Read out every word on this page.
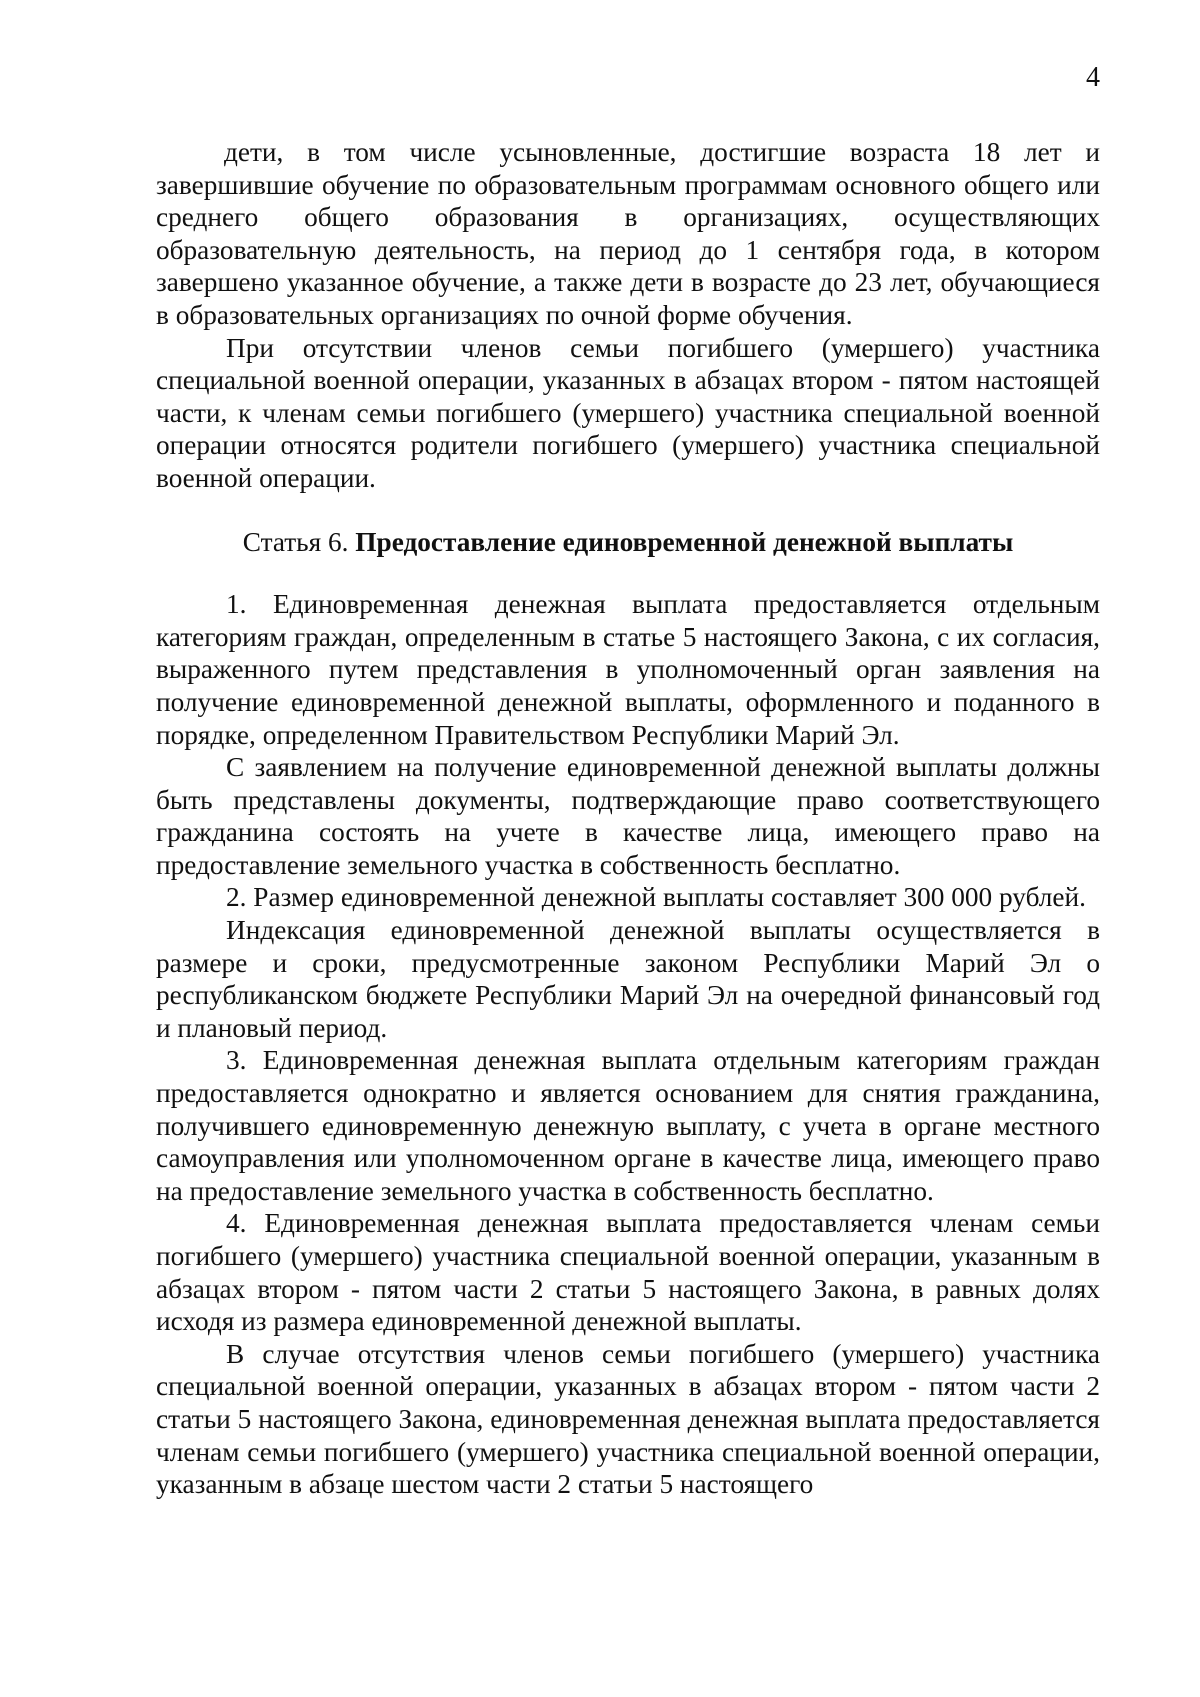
4

дети, в том числе усыновленные, достигшие возраста 18 лет и завершившие обучение по образовательным программам основного общего или среднего общего образования в организациях, осуществляющих образовательную деятельность, на период до 1 сентября года, в котором завершено указанное обучение, а также дети в возрасте до 23 лет, обучающиеся в образовательных организациях по очной форме обучения.

При отсутствии членов семьи погибшего (умершего) участника специальной военной операции, указанных в абзацах втором - пятом настоящей части, к членам семьи погибшего (умершего) участника специальной военной операции относятся родители погибшего (умершего) участника специальной военной операции.

Статья 6. Предоставление единовременной денежной выплаты

1. Единовременная денежная выплата предоставляется отдельным категориям граждан, определенным в статье 5 настоящего Закона, с их согласия, выраженного путем представления в уполномоченный орган заявления на получение единовременной денежной выплаты, оформленного и поданного в порядке, определенном Правительством Республики Марий Эл.

С заявлением на получение единовременной денежной выплаты должны быть представлены документы, подтверждающие право соответствующего гражданина состоять на учете в качестве лица, имеющего право на предоставление земельного участка в собственность бесплатно.

2. Размер единовременной денежной выплаты составляет 300 000 рублей.

Индексация единовременной денежной выплаты осуществляется в размере и сроки, предусмотренные законом Республики Марий Эл о республиканском бюджете Республики Марий Эл на очередной финансовый год и плановый период.

3. Единовременная денежная выплата отдельным категориям граждан предоставляется однократно и является основанием для снятия гражданина, получившего единовременную денежную выплату, с учета в органе местного самоуправления или уполномоченном органе в качестве лица, имеющего право на предоставление земельного участка в собственность бесплатно.

4. Единовременная денежная выплата предоставляется членам семьи погибшего (умершего) участника специальной военной операции, указанным в абзацах втором - пятом части 2 статьи 5 настоящего Закона, в равных долях исходя из размера единовременной денежной выплаты.

В случае отсутствия членов семьи погибшего (умершего) участника специальной военной операции, указанных в абзацах втором - пятом части 2 статьи 5 настоящего Закона, единовременная денежная выплата предоставляется членам семьи погибшего (умершего) участника специальной военной операции, указанным в абзаце шестом части 2 статьи 5 настоящего
